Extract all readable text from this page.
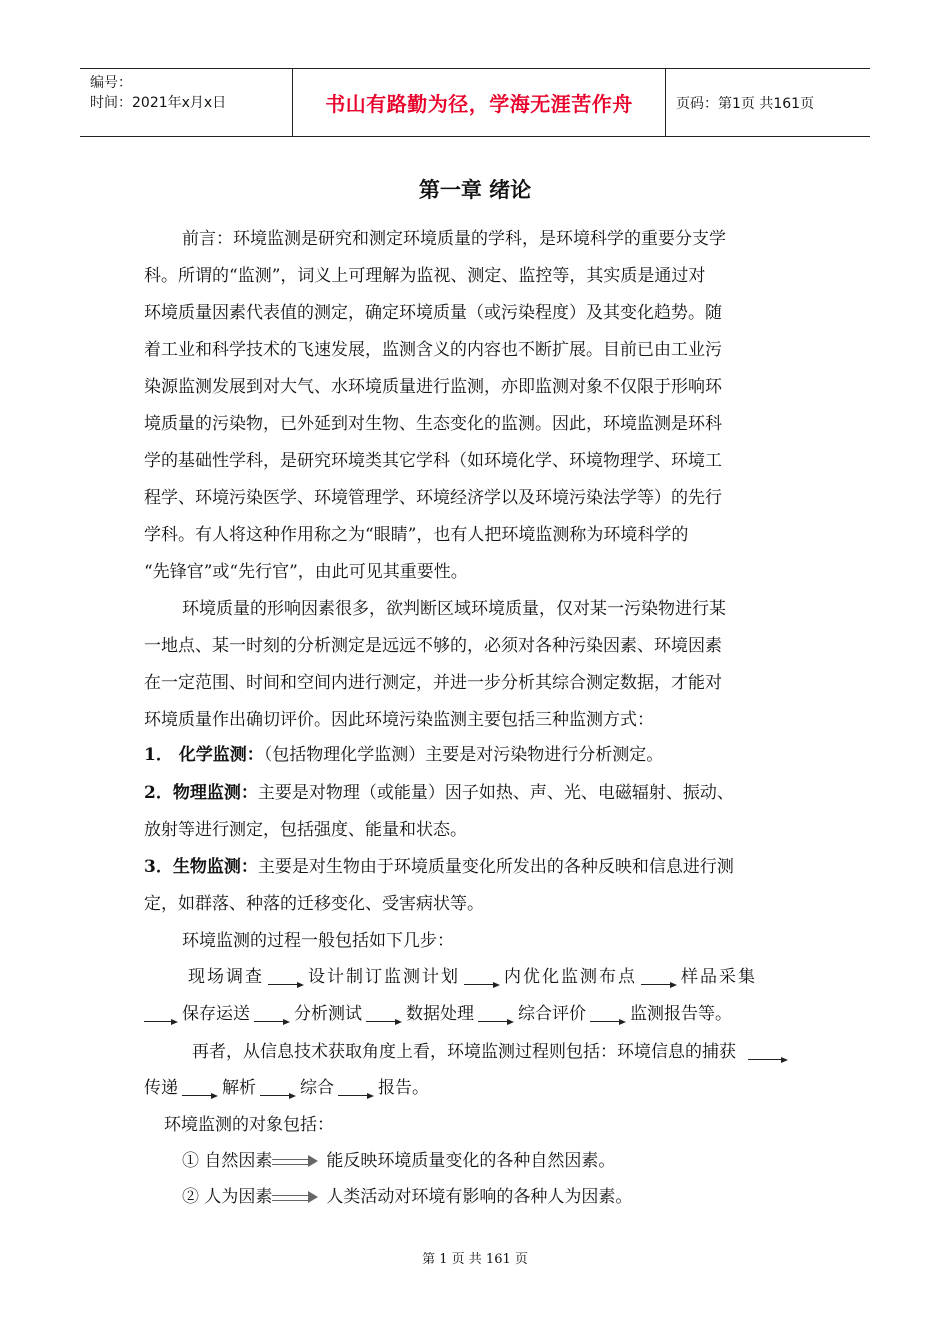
编号：
时间：2021年x月x日	书山有路勤为径，学海无涯苦作舟	页码：第1页 共161页
第一章 绪论
前言：环境监测是研究和测定环境质量的学科，是环境科学的重要分支学
科。所谓的“监测”，词义上可理解为监视、测定、监控等，其实质是通过对
环境质量因素代表值的测定，确定环境质量（或污染程度）及其变化趋势。随
着工业和科学技术的飞速发展，监测含义的内容也不断扩展。目前已由工业污
染源监测发展到对大气、水环境质量进行监测，亦即监测对象不仅限于形响环
境质量的污染物，已外延到对生物、生态变化的监测。因此，环境监测是环科
学的基础性学科，是研究环境类其它学科（如环境化学、环境物理学、环境工
程学、环境污染医学、环境管理学、环境经济学以及环境污染法学等）的先行
学科。有人将这种作用称之为“眼睛”，也有人把环境监测称为环境科学的
“先锋官”或“先行官”，由此可见其重要性。
环境质量的形响因素很多，欲判断区域环境质量，仅对某一污染物进行某
一地点、某一时刻的分析测定是远远不够的，必须对各种污染因素、环境因素
在一定范围、时间和空间内进行测定，并进一步分析其综合测定数据，才能对
环境质量作出确切评价。因此环境污染监测主要包括三种监测方式：
1． 化学监测：（包括物理化学监测）主要是对污染物进行分析测定。
2．物理监测：主要是对物理（或能量）因子如热、声、光、电磁辐射、振动、
放射等进行测定，包括强度、能量和状态。
3．生物监测：主要是对生物由于环境质量变化所发出的各种反映和信息进行测
定，如群落、种落的迁移变化、受害病状等。
环境监测的过程一般包括如下几步：
现场调查	设计制订监测计划	内优化监测布点	样品采集
保存运送	分析测试	数据处理	综合评价	监测报告等。
再者，从信息技术获取角度上看，环境监测过程则包括：环境信息的捕获
传递	解析	综合	报告。
环境监测的对象包括：
① 自然因素	能反映环境质量变化的各种自然因素。
② 人为因素	人类活动对环境有影响的各种人为因素。
第 1 页 共 161 页
